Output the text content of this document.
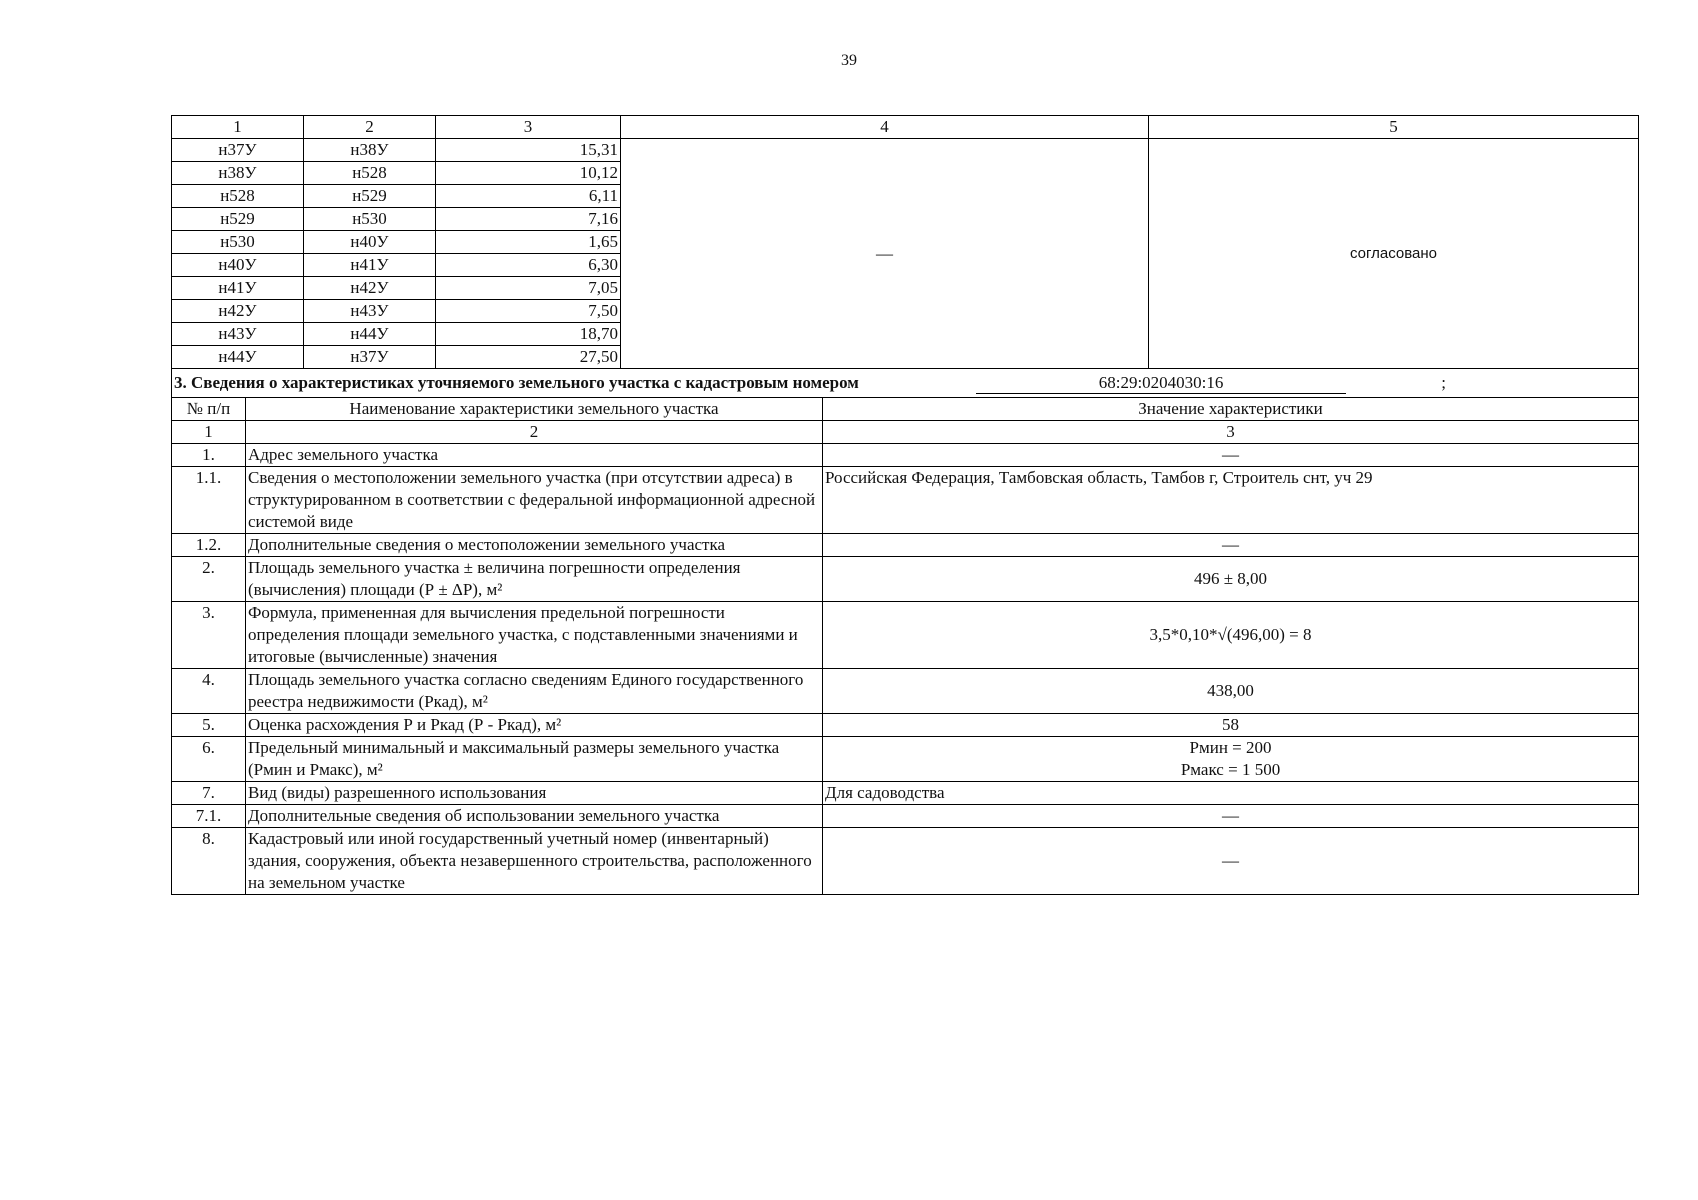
39
1	2	3	4	5
н37У	н38У	15,31	—	согласовано
н38У	н528	10,12		
н528	н529	6,11		
н529	н530	7,16		
н530	н40У	1,65		
н40У	н41У	6,30		
н41У	н42У	7,05		
н42У	н43У	7,50		
н43У	н44У	18,70		
н44У	н37У	27,50		
3. Сведения о характеристиках уточняемого земельного участка с кадастровым номером 68:29:0204030:16 ;		

№ п/п	Наименование характеристики земельного участка	Значение характеристики
1	2	3
1.	Адрес земельного участка	—
1.1.	Сведения о местоположении земельного участка (при отсутствии адреса) в структурированном в соответствии с федеральной информационной адресной системой виде	Российская Федерация, Тамбовская область, Тамбов г, Строитель снт, уч 29
1.2.	Дополнительные сведения о местоположении земельного участка	—
2.	Площадь земельного участка ± величина погрешности определения (вычисления) площади (Р ± ΔР), м²	496 ± 8,00
3.	Формула, примененная для вычисления предельной погрешности определения площади земельного участка, с подставленными значениями и итоговые (вычисленные) значения	3,5*0,10*√(496,00) = 8
4.	Площадь земельного участка согласно сведениям Единого государственного реестра недвижимости (Ркад), м²	438,00
5.	Оценка расхождения Р и Ркад (Р - Ркад), м²	58
6.	Предельный минимальный и максимальный размеры земельного участка (Рмин и Рмакс), м²	Рмин = 200
Рмакс = 1 500

7.	Вид (виды) разрешенного использования	Для садоводства
7.1.	Дополнительные сведения об использовании земельного участка	—
8.	Кадастровый или иной государственный учетный номер (инвентарный) здания, сооружения, объекта незавершенного строительства, расположенного на земельном участке	—
